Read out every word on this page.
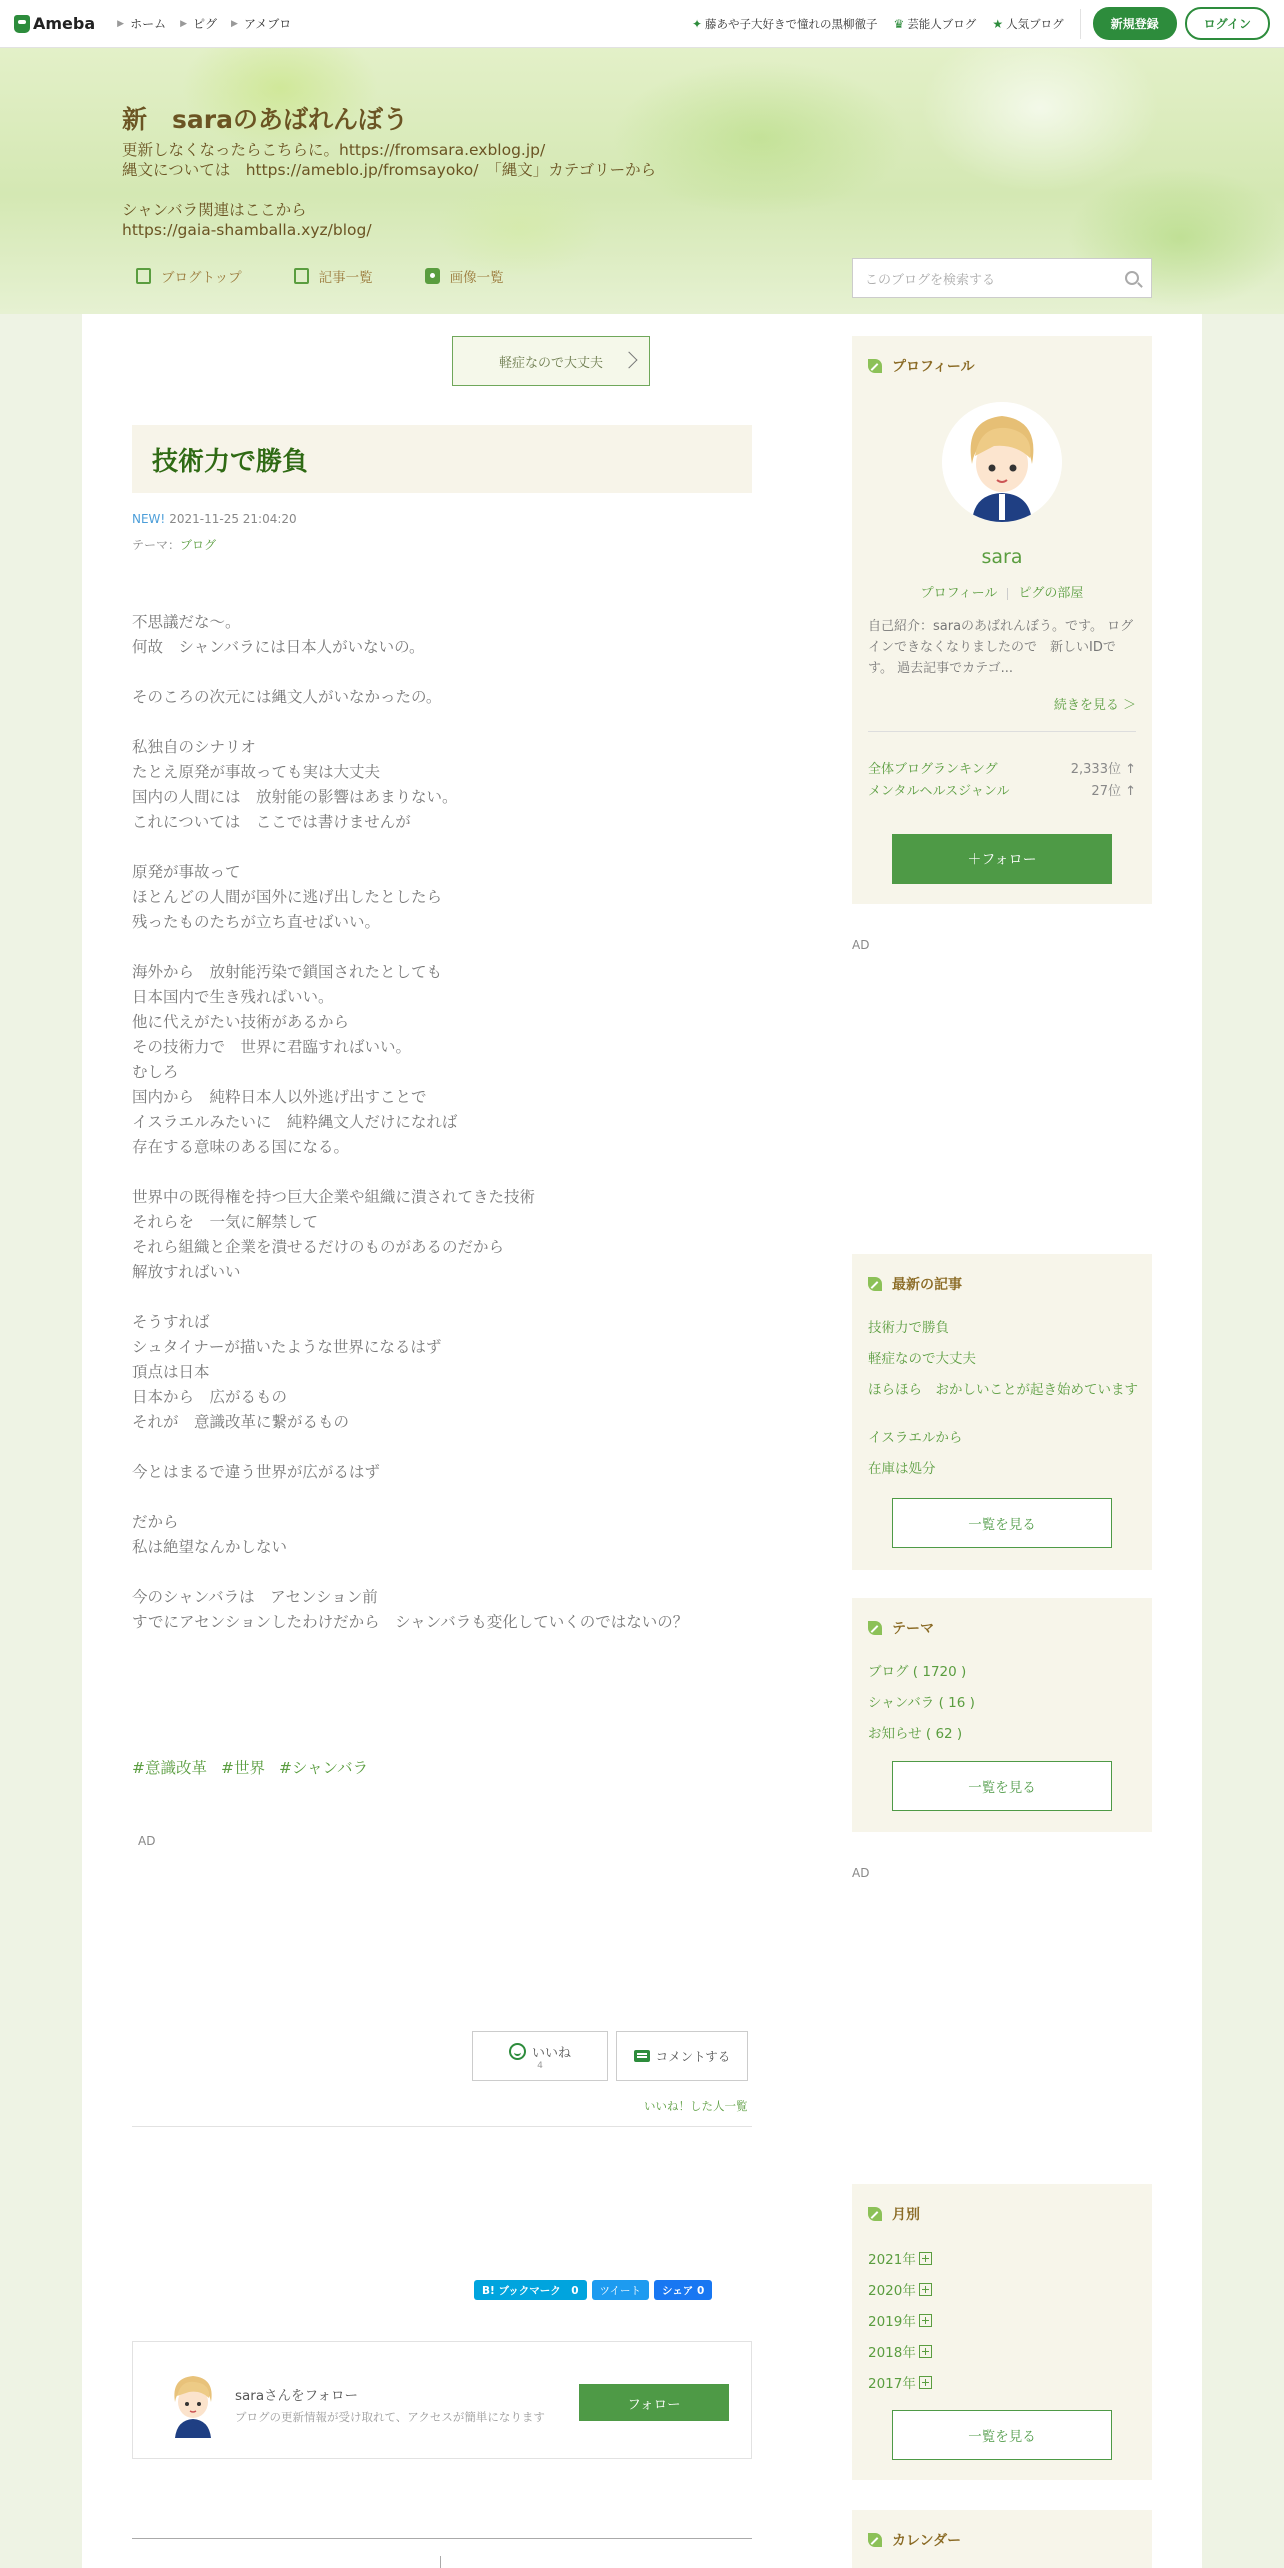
Ameba ▶ ホーム ▶ ピグ ▶ アメブロ	✦ 藤あや子大好きで憧れの黒柳徹子 ♛ 芸能人ブログ ★ 人気ブログ	新規登録	ログイン
新　saraのあばれんぼう
更新しなくなったらこちらに。https://fromsara.exblog.jp/
縄文については　https://ameblo.jp/fromsayoko/　「縄文」カテゴリーから

シャンバラ関連はここから
https://gaia-shamballa.xyz/blog/
ブログトップ	記事一覧	画像一覧	このブログを検索する
軽症なので大丈夫
技術力で勝負
NEW! 2021-11-25 21:04:20
テーマ：ブログ
不思議だな～。
何故　シャンバラには日本人がいないの。

そのころの次元には縄文人がいなかったの。

私独自のシナリオ
たとえ原発が事故っても実は大丈夫
国内の人間には　放射能の影響はあまりない。
これについては　ここでは書けませんが

原発が事故って
ほとんどの人間が国外に逃げ出したとしたら
残ったものたちが立ち直せばいい。

海外から　放射能汚染で鎖国されたとしても
日本国内で生き残ればいい。
他に代えがたい技術があるから
その技術力で　世界に君臨すればいい。
むしろ
国内から　純粋日本人以外逃げ出すことで
イスラエルみたいに　純粋縄文人だけになれば
存在する意味のある国になる。

世界中の既得権を持つ巨大企業や組織に潰されてきた技術
それらを　一気に解禁して
それら組織と企業を潰せるだけのものがあるのだから
解放すればいい

そうすれば
シュタイナーが描いたような世界になるはず
頂点は日本
日本から　広がるもの
それが　意識改革に繋がるもの

今とはまるで違う世界が広がるはず

だから
私は絶望なんかしない

今のシャンバラは　アセンション前
すでにアセンションしたわけだから　シャンバラも変化していくのではないの？
#意識改革 #世界 #シャンバラ
AD
いいね
4
コメントする
いいね！した人一覧
B! ブックマーク　0	ツイート	シェア 0
saraさんをフォロー
ブログの更新情報が受け取れて、アクセスが簡単になります
フォロー
プロフィール
sara
プロフィール ピグの部屋
自己紹介：saraのあばれんぼう。です。 ログインできなくなりましたので　新しいIDです。 過去記事でカテゴ...
続きを見る ＞
全体ブログランキング	2,333位 ↑
メンタルヘルスジャンル	27位 ↑
＋フォロー
AD
最新の記事
技術力で勝負
軽症なので大丈夫
ほらほら　おかしいことが起き始めています
イスラエルから
在庫は処分
一覧を見る
テーマ
ブログ ( 1720 )
シャンバラ ( 16 )
お知らせ ( 62 )
一覧を見る
AD
月別
2021年
2020年
2019年
2018年
2017年
一覧を見る
カレンダー
